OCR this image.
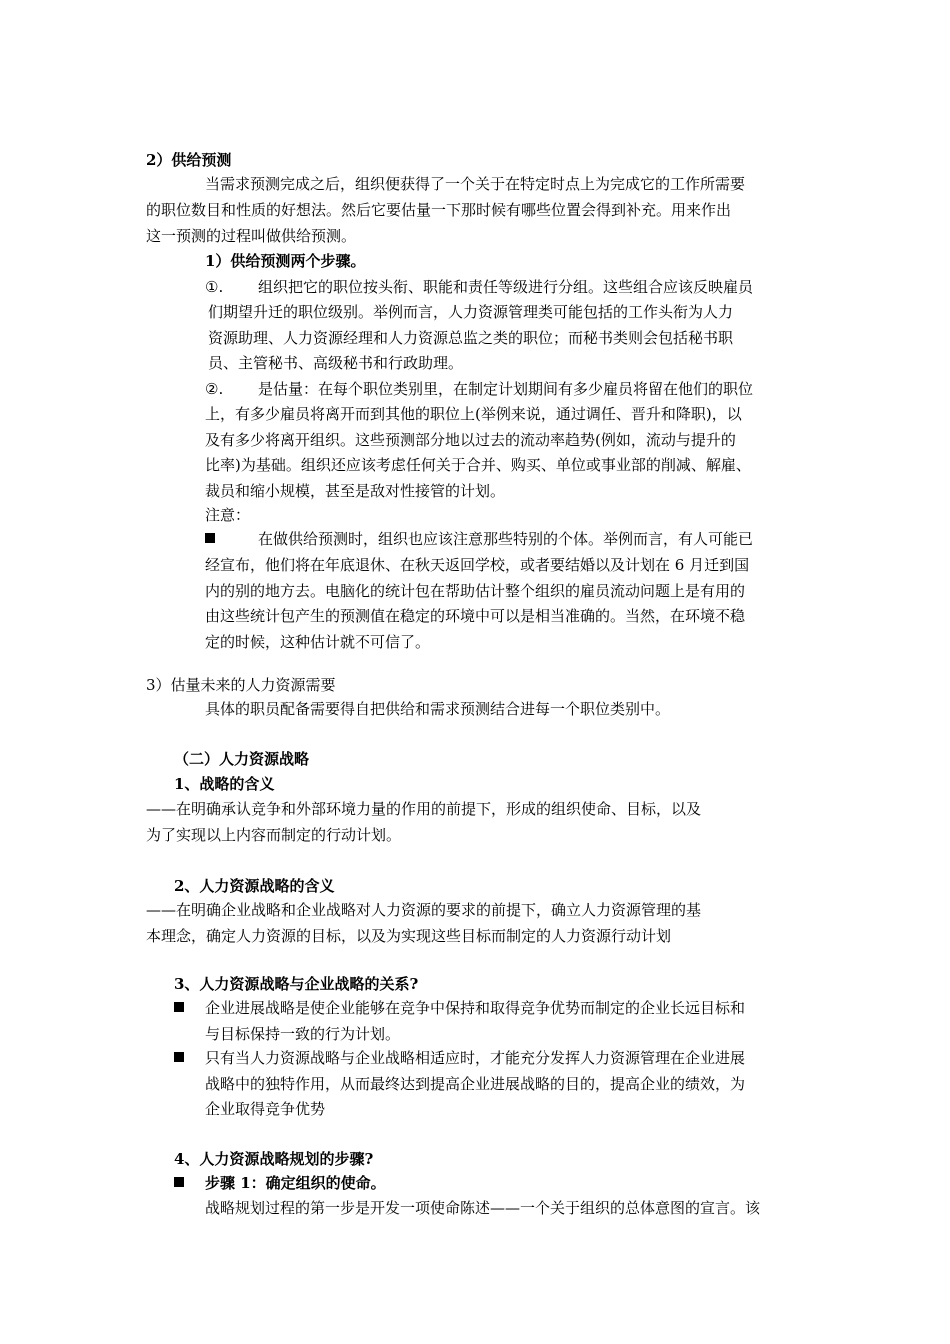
2）供给预测
当需求预测完成之后，组织便获得了一个关于在特定时点上为完成它的工作所需要
的职位数目和性质的好想法。然后它要估量一下那时候有哪些位置会得到补充。用来作出
这一预测的过程叫做供给预测。
1）供给预测两个步骤。
①. 组织把它的职位按头衔、职能和责任等级进行分组。这些组合应该反映雇员
们期望升迁的职位级别。举例而言，人力资源管理类可能包括的工作头衔为人力
资源助理、人力资源经理和人力资源总监之类的职位；而秘书类则会包括秘书职
员、主管秘书、高级秘书和行政助理。
②. 是估量：在每个职位类别里，在制定计划期间有多少雇员将留在他们的职位
上，有多少雇员将离开而到其他的职位上(举例来说，通过调任、晋升和降职)，以
及有多少将离开组织。这些预测部分地以过去的流动率趋势(例如，流动与提升的
比率)为基础。组织还应该考虑任何关于合并、购买、单位或事业部的削减、解雇、
裁员和缩小规模，甚至是敌对性接管的计划。
注意：
在做供给预测时，组织也应该注意那些特别的个体。举例而言，有人可能已
经宣布，他们将在年底退休、在秋天返回学校，或者要结婚以及计划在 6 月迁到国
内的别的地方去。电脑化的统计包在帮助估计整个组织的雇员流动问题上是有用的
由这些统计包产生的预测值在稳定的环境中可以是相当准确的。当然，在环境不稳
定的时候，这种估计就不可信了。
3）估量未来的人力资源需要
具体的职员配备需要得自把供给和需求预测结合进每一个职位类别中。
（二）人力资源战略
1、战略的含义
——在明确承认竞争和外部环境力量的作用的前提下，形成的组织使命、目标，以及
为了实现以上内容而制定的行动计划。
2、人力资源战略的含义
——在明确企业战略和企业战略对人力资源的要求的前提下，确立人力资源管理的基
本理念，确定人力资源的目标，以及为实现这些目标而制定的人力资源行动计划
3、人力资源战略与企业战略的关系?
企业进展战略是使企业能够在竞争中保持和取得竞争优势而制定的企业长远目标和
与目标保持一致的行为计划。
只有当人力资源战略与企业战略相适应时，才能充分发挥人力资源管理在企业进展
战略中的独特作用，从而最终达到提高企业进展战略的目的，提高企业的绩效，为
企业取得竞争优势
4、人力资源战略规划的步骤?
步骤 1：确定组织的使命。
战略规划过程的第一步是开发一项使命陈述——一个关于组织的总体意图的宣言。该
